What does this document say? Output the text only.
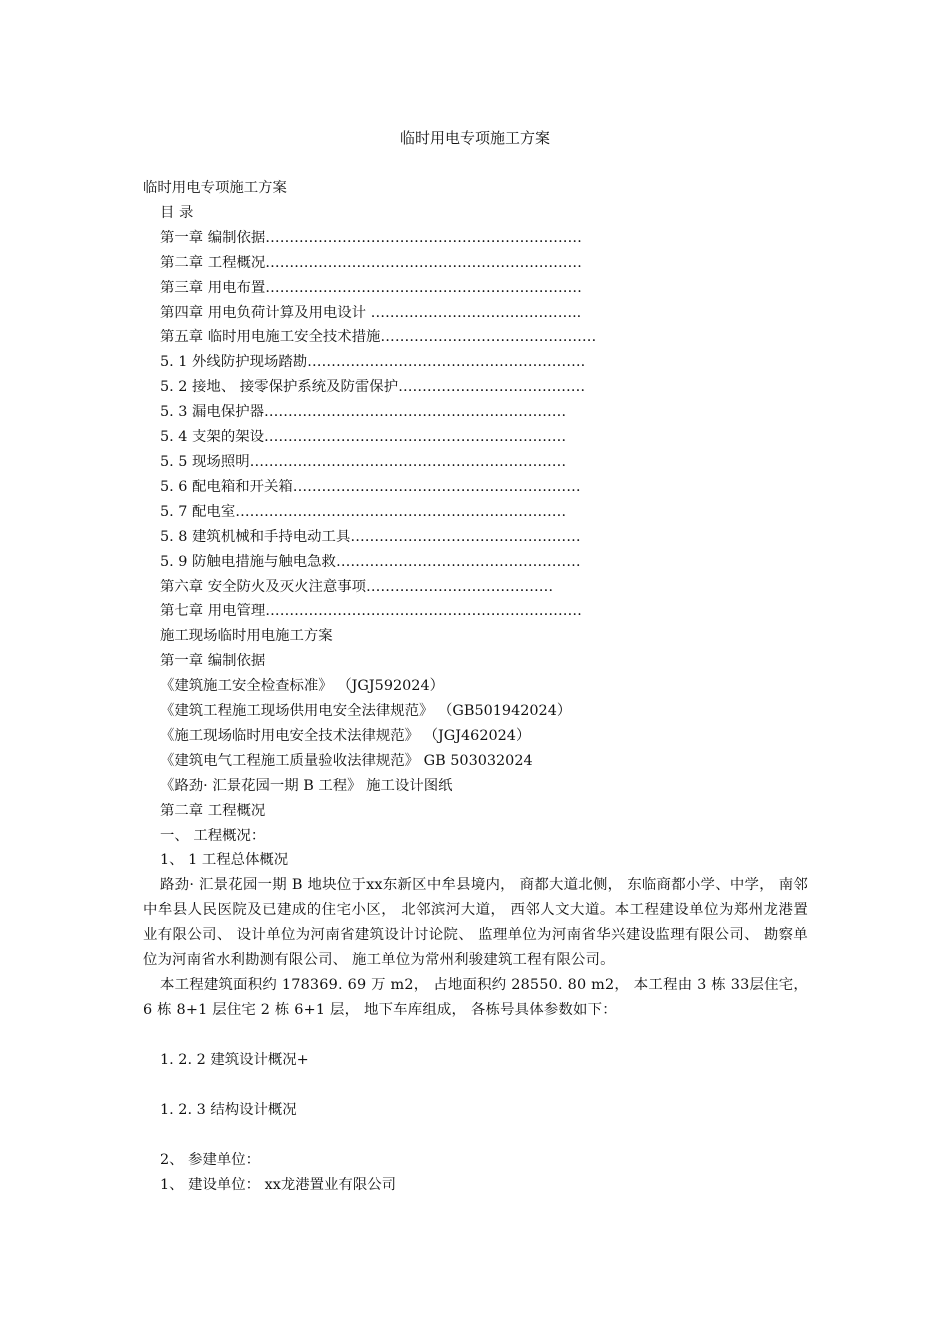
临时用电专项施工方案
临时用电专项施工方案
目 录
第一章 编制依据…………………………………………………………
第二章 工程概况…………………………………………………………
第三章 用电布置…………………………………………………………
第四章 用电负荷计算及用电设计 ……………………………………..
第五章 临时用电施工安全技术措施………………………………………
5. 1 外线防护现场踏勘………………………………………………….
5. 2 接地、 接零保护系统及防雷保护…………………………………
5. 3 漏电保护器………………………………………………………
5. 4 支架的架设………………………………………………………
5. 5 现场照明…………………………………………………………
5. 6 配电箱和开关箱……………………………………………………
5. 7 配电室……………………………………………………………
5. 8 建筑机械和手持电动工具…………………………………………
5. 9 防触电措施与触电急救……………………………………………
第六章 安全防火及灭火注意事项…………………………………
第七章 用电管理…………………………………………………………
施工现场临时用电施工方案
第一章 编制依据
《建筑施工安全检查标准》 （JGJ592024）
《建筑工程施工现场供用电安全法律规范》 （GB501942024）
《施工现场临时用电安全技术法律规范》 （JGJ462024）
《建筑电气工程施工质量验收法律规范》 GB 503032024
《路劲· 汇景花园一期 B 工程》 施工设计图纸
第二章 工程概况
一、 工程概况：
1、 1 工程总体概况
路劲· 汇景花园一期 B 地块位于xx东新区中牟县境内， 商都大道北侧， 东临商都小学、中学， 南邻中牟县人民医院及已建成的住宅小区， 北邻滨河大道， 西邻人文大道。本工程建设单位为郑州龙港置业有限公司、 设计单位为河南省建筑设计讨论院、 监理单位为河南省华兴建设监理有限公司、 勘察单位为河南省水利勘测有限公司、 施工单位为常州利骏建筑工程有限公司。
本工程建筑面积约 178369. 69 万 m2， 占地面积约 28550. 80 m2， 本工程由 3 栋 33层住宅， 6 栋 8+1 层住宅 2 栋 6+1 层， 地下车库组成， 各栋号具体参数如下：
1. 2. 2 建筑设计概况+
1. 2. 3 结构设计概况
2、 参建单位：
1、 建设单位： xx龙港置业有限公司
